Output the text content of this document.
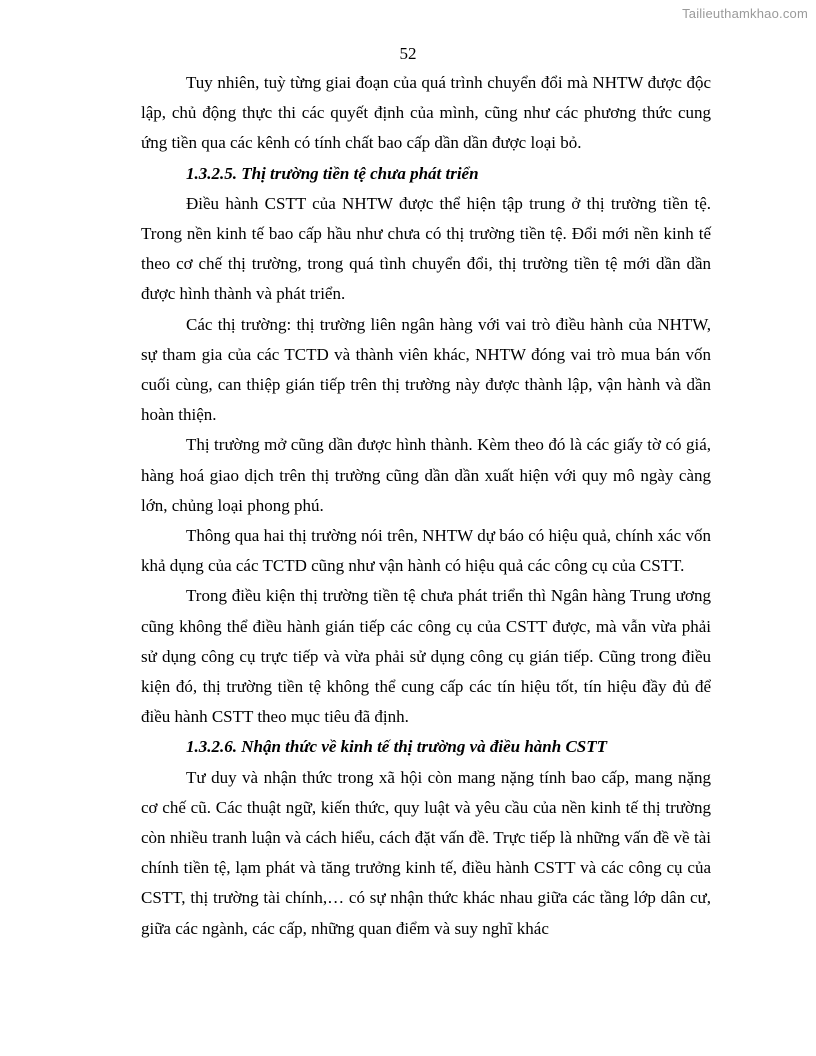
Tailieuthamkhao.com
52

Tuy nhiên, tuỳ từng giai đoạn của quá trình chuyển đổi mà NHTW được độc lập, chủ động thực thi các quyết định của mình, cũng như các phương thức cung ứng tiền qua các kênh có tính chất bao cấp dần dần được loại bỏ.

1.3.2.5. Thị trường tiền tệ chưa phát triển

Điều hành CSTT của NHTW được thể hiện tập trung ở thị trường tiền tệ. Trong nền kinh tế bao cấp hầu như chưa có thị trường tiền tệ. Đổi mới nền kinh tế theo cơ chế thị trường, trong quá tình chuyển đổi, thị trường tiền tệ mới dần dần được hình thành và phát triển.

Các thị trường: thị trường liên ngân hàng với vai trò điều hành của NHTW, sự tham gia của các TCTD và thành viên khác, NHTW đóng vai trò mua bán vốn cuối cùng, can thiệp gián tiếp trên thị trường này được thành lập, vận hành và dần hoàn thiện.

Thị trường mở cũng dần được hình thành. Kèm theo đó là các giấy tờ có giá, hàng hoá giao dịch trên thị trường cũng dần dần xuất hiện với quy mô ngày càng lớn, chủng loại phong phú.

Thông qua hai thị trường nói trên, NHTW dự báo có hiệu quả, chính xác vốn khả dụng của các TCTD cũng như vận hành có hiệu quả các công cụ của CSTT.

Trong điều kiện thị trường tiền tệ chưa phát triển thì Ngân hàng Trung ương cũng không thể điều hành gián tiếp các công cụ của CSTT được, mà vẫn vừa phải sử dụng công cụ trực tiếp và vừa phải sử dụng công cụ gián tiếp. Cũng trong điều kiện đó, thị trường tiền tệ không thể cung cấp các tín hiệu tốt, tín hiệu đầy đủ để điều hành CSTT theo mục tiêu đã định.

1.3.2.6. Nhận thức về kinh tế thị trường và điều hành CSTT

Tư duy và nhận thức trong xã hội còn mang nặng tính bao cấp, mang nặng cơ chế cũ. Các thuật ngữ, kiến thức, quy luật và yêu cầu của nền kinh tế thị trường còn nhiều tranh luận và cách hiểu, cách đặt vấn đề. Trực tiếp là những vấn đề về tài chính tiền tệ, lạm phát và tăng trưởng kinh tế, điều hành CSTT và các công cụ của CSTT, thị trường tài chính,… có sự nhận thức khác nhau giữa các tầng lớp dân cư, giữa các ngành, các cấp, những quan điểm và suy nghĩ khác
